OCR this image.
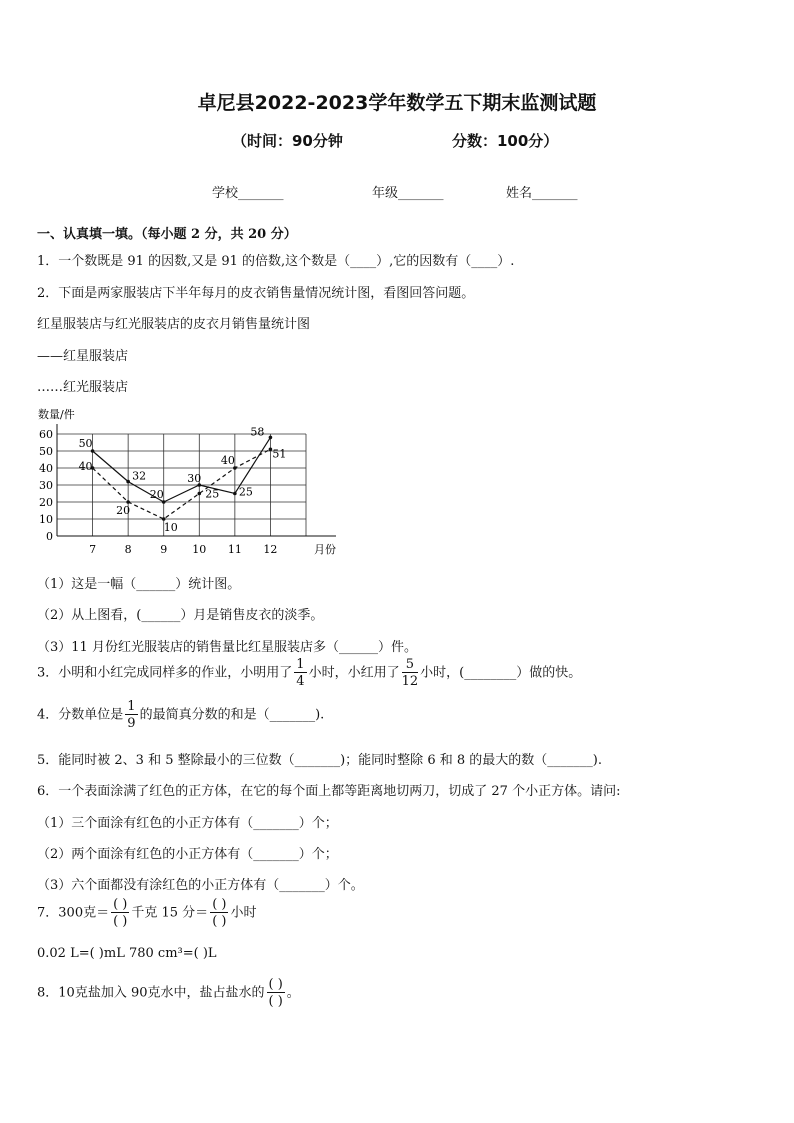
卓尼县2022-2023学年数学五下期末监测试题
（时间：90分钟	分数：100分）
学校_______	年级_______	姓名_______
一、认真填一填。（每小题 2 分，共 20 分）
1．一个数既是 91 的因数,又是 91 的倍数,这个数是（____）,它的因数有（____）.
2．下面是两家服装店下半年每月的皮衣销售量情况统计图，看图回答问题。
红星服装店与红光服装店的皮衣月销售量统计图
——红星服装店
……红光服装店
0
10
20
30
40
50
60
数量/件
月份
7	8	9 10 11 12
50
32
20
30
25
58
40
20
10
25
40
51
（1）这是一幅（______）统计图。
（2）从上图看，(______）月是销售皮衣的淡季。
（3）11 月份红光服装店的销售量比红星服装店多（______）件。
3．小明和小红完成同样多的作业，小明用了 $\frac{1}{4}$ 小时，小红用了 $\frac{5}{12}$ 小时，(________）做的快。
4．分数单位是 $\frac{1}{9}$ 的最简真分数的和是（_______).
5．能同时被 2、3 和 5 整除最小的三位数（_______)；能同时整除 6 和 8 的最大的数（_______).
6．一个表面涂满了红色的正方体，在它的每个面上都等距离地切两刀，切成了 27 个小正方体。请问:
（1）三个面涂有红色的小正方体有（_______）个；
（2）两个面涂有红色的小正方体有（_______）个；
（3）六个面都没有涂红色的小正方体有（_______）个。
7．300克＝ $\frac{( )}{( )}$ 千克 15 分＝ $\frac{( )}{( )}$ 小时
0.02 L=( )mL 780 cm³=( )L
8．10克盐加入 90克水中，盐占盐水的 $\frac{( )}{( )}$ 。
